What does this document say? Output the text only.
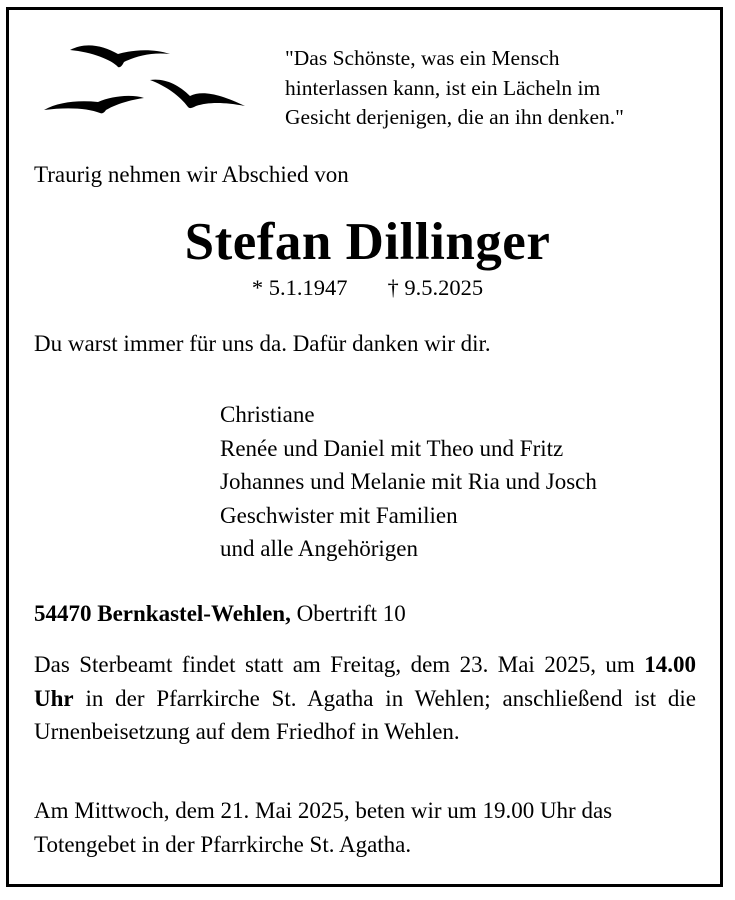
"Das Schönste, was ein Mensch
hinterlassen kann, ist ein Lächeln im
Gesicht derjenigen, die an ihn denken."
Traurig nehmen wir Abschied von
Stefan Dillinger
* 5.1.1947 † 9.5.2025
Du warst immer für uns da. Dafür danken wir dir.
Christiane
Renée und Daniel mit Theo und Fritz
Johannes und Melanie mit Ria und Josch
Geschwister mit Familien
und alle Angehörigen
54470 Bernkastel-Wehlen, Obertrift 10
Das Sterbeamt findet statt am Freitag, dem 23. Mai 2025, um 14.00 Uhr in der Pfarrkirche St. Agatha in Wehlen; anschließend ist die Urnenbeisetzung auf dem Friedhof in Wehlen.
Am Mittwoch, dem 21. Mai 2025, beten wir um 19.00 Uhr das Totengebet in der Pfarrkirche St. Agatha.
